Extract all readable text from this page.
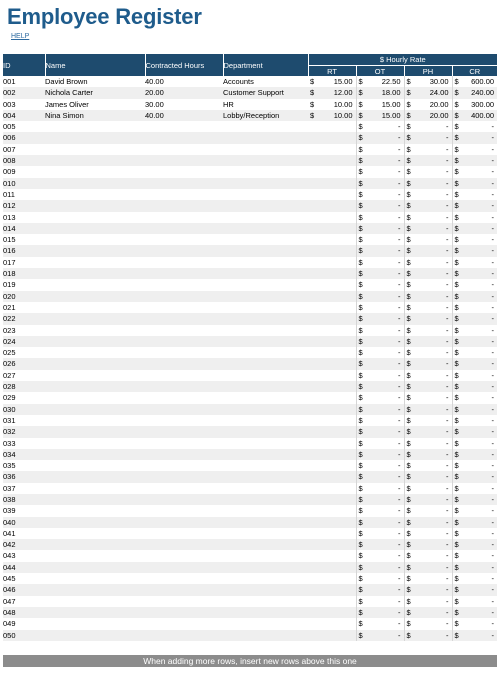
Employee Register
HELP
ID	Name	Contracted Hours	Department	$ Hourly Rate			
				RT	OT	PH	CR
001	David Brown	40.00	Accounts	$ 15.00	$ 22.50	$ 30.00	$ 600.00

002	Nichola Carter	20.00	Customer Support	$ 12.00	$ 18.00	$ 24.00	$ 240.00

003	James Oliver	30.00	HR	$ 10.00	$ 15.00	$ 20.00	$ 300.00

004	Nina Simon	40.00	Lobby/Reception	$ 10.00	$ 15.00	$ 20.00	$ 400.00

005					$ -	$ -	$ -

006					$ -	$ -	$ -

007					$ -	$ -	$ -

008					$ -	$ -	$ -

009					$ -	$ -	$ -

010					$ -	$ -	$ -

011					$ -	$ -	$ -

012					$ -	$ -	$ -

013					$ -	$ -	$ -

014					$ -	$ -	$ -

015					$ -	$ -	$ -

016					$ -	$ -	$ -

017					$ -	$ -	$ -

018					$ -	$ -	$ -

019					$ -	$ -	$ -

020					$ -	$ -	$ -

021					$ -	$ -	$ -

022					$ -	$ -	$ -

023					$ -	$ -	$ -

024					$ -	$ -	$ -

025					$ -	$ -	$ -

026					$ -	$ -	$ -

027					$ -	$ -	$ -

028					$ -	$ -	$ -

029					$ -	$ -	$ -

030					$ -	$ -	$ -

031					$ -	$ -	$ -

032					$ -	$ -	$ -

033					$ -	$ -	$ -

034					$ -	$ -	$ -

035					$ -	$ -	$ -

036					$ -	$ -	$ -

037					$ -	$ -	$ -

038					$ -	$ -	$ -

039					$ -	$ -	$ -

040					$ -	$ -	$ -

041					$ -	$ -	$ -

042					$ -	$ -	$ -

043					$ -	$ -	$ -

044					$ -	$ -	$ -

045					$ -	$ -	$ -

046					$ -	$ -	$ -

047					$ -	$ -	$ -

048					$ -	$ -	$ -

049					$ -	$ -	$ -

050					$ -	$ -	$ -
When adding more rows, insert new rows above this one
